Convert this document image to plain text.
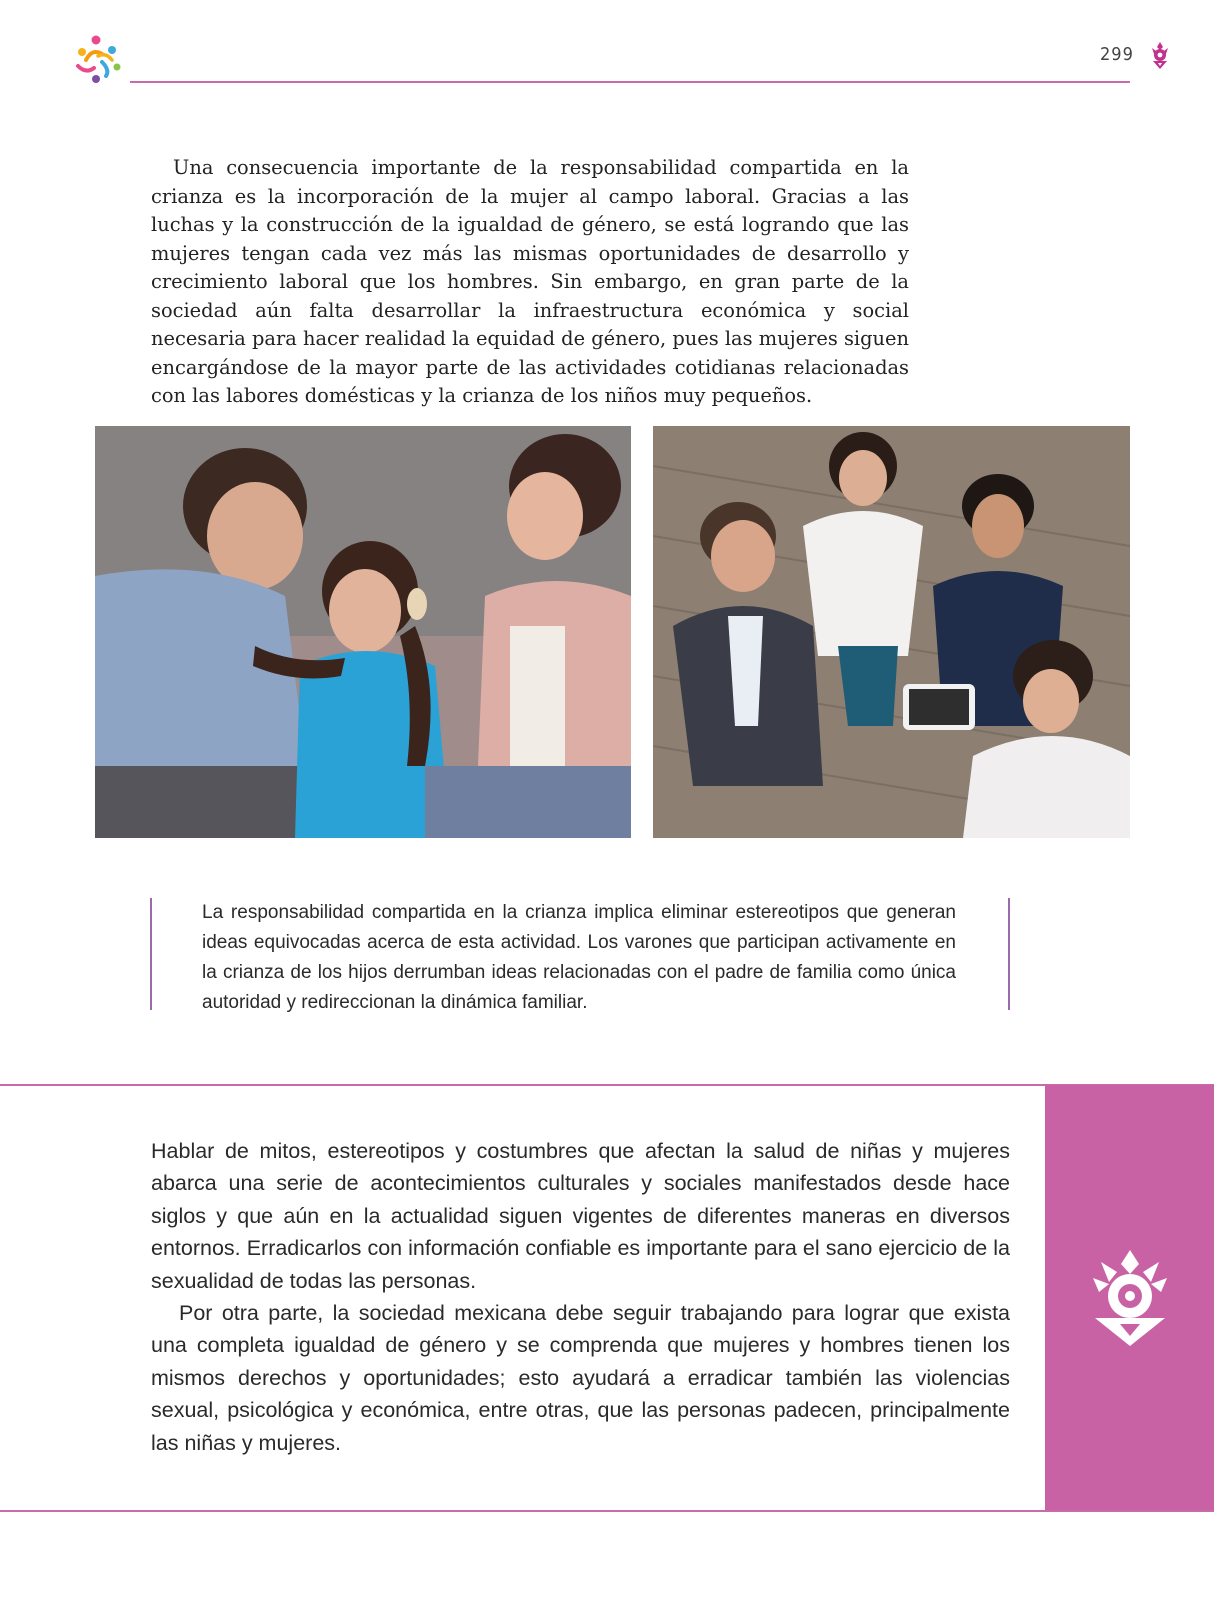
299

Una consecuencia importante de la responsabilidad compartida en la crianza es la incorporación de la mujer al campo laboral. Gracias a las luchas y la construcción de la igualdad de género, se está logrando que las mujeres tengan cada vez más las mismas oportunidades de desarrollo y crecimiento laboral que los hombres. Sin embargo, en gran parte de la sociedad aún falta desarrollar la infraestructura económica y social necesaria para hacer realidad la equidad de género, pues las mujeres siguen encargándose de la mayor parte de las actividades cotidianas relacionadas con las labores domésticas y la crianza de los niños muy pequeños.

La responsabilidad compartida en la crianza implica eliminar estereotipos que generan ideas equivocadas acerca de esta actividad. Los varones que participan activamente en la crianza de los hijos derrumban ideas relacionadas con el padre de familia como única autoridad y redireccionan la dinámica familiar.

Hablar de mitos, estereotipos y costumbres que afectan la salud de niñas y mujeres abarca una serie de acontecimientos culturales y sociales manifestados desde hace siglos y que aún en la actualidad siguen vigentes de diferentes maneras en diversos entornos. Erradicarlos con información confiable es importante para el sano ejercicio de la sexualidad de todas las personas.

Por otra parte, la sociedad mexicana debe seguir trabajando para lograr que exista una completa igualdad de género y se comprenda que mujeres y hombres tienen los mismos derechos y oportunidades; esto ayudará a erradicar también las violencias sexual, psicológica y económica, entre otras, que las personas padecen, principalmente las niñas y mujeres.
